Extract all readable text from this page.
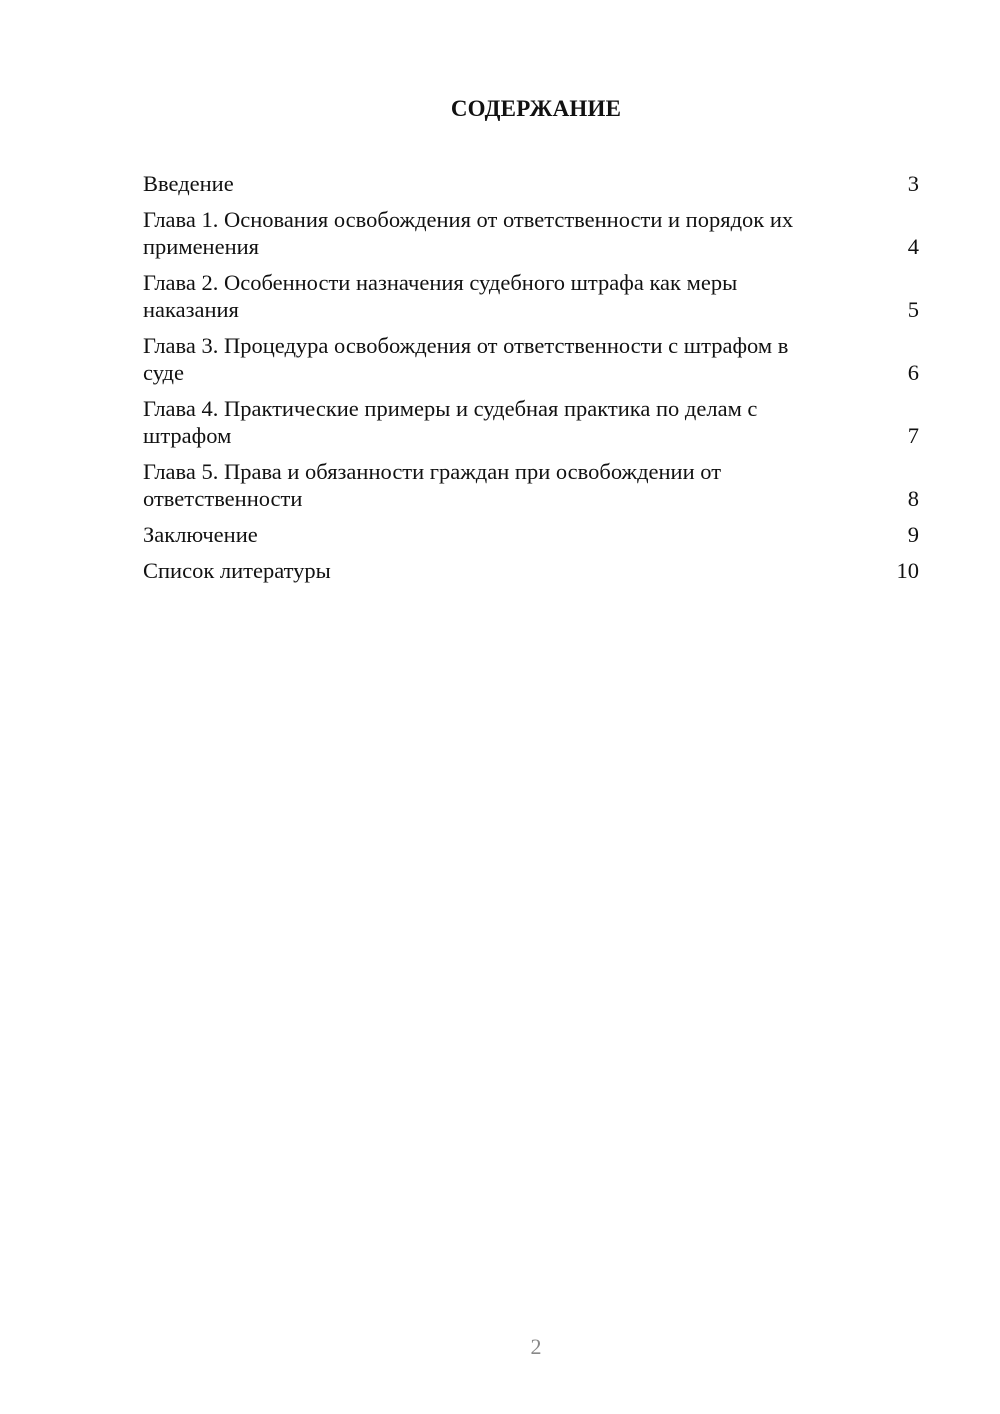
СОДЕРЖАНИЕ
Введение	3
Глава 1. Основания освобождения от ответственности и порядок их применения	4
Глава 2. Особенности назначения судебного штрафа как меры наказания	5
Глава 3. Процедура освобождения от ответственности с штрафом в суде	6
Глава 4. Практические примеры и судебная практика по делам с штрафом	7
Глава 5. Права и обязанности граждан при освобождении от ответственности	8
Заключение	9
Список литературы	10
2
